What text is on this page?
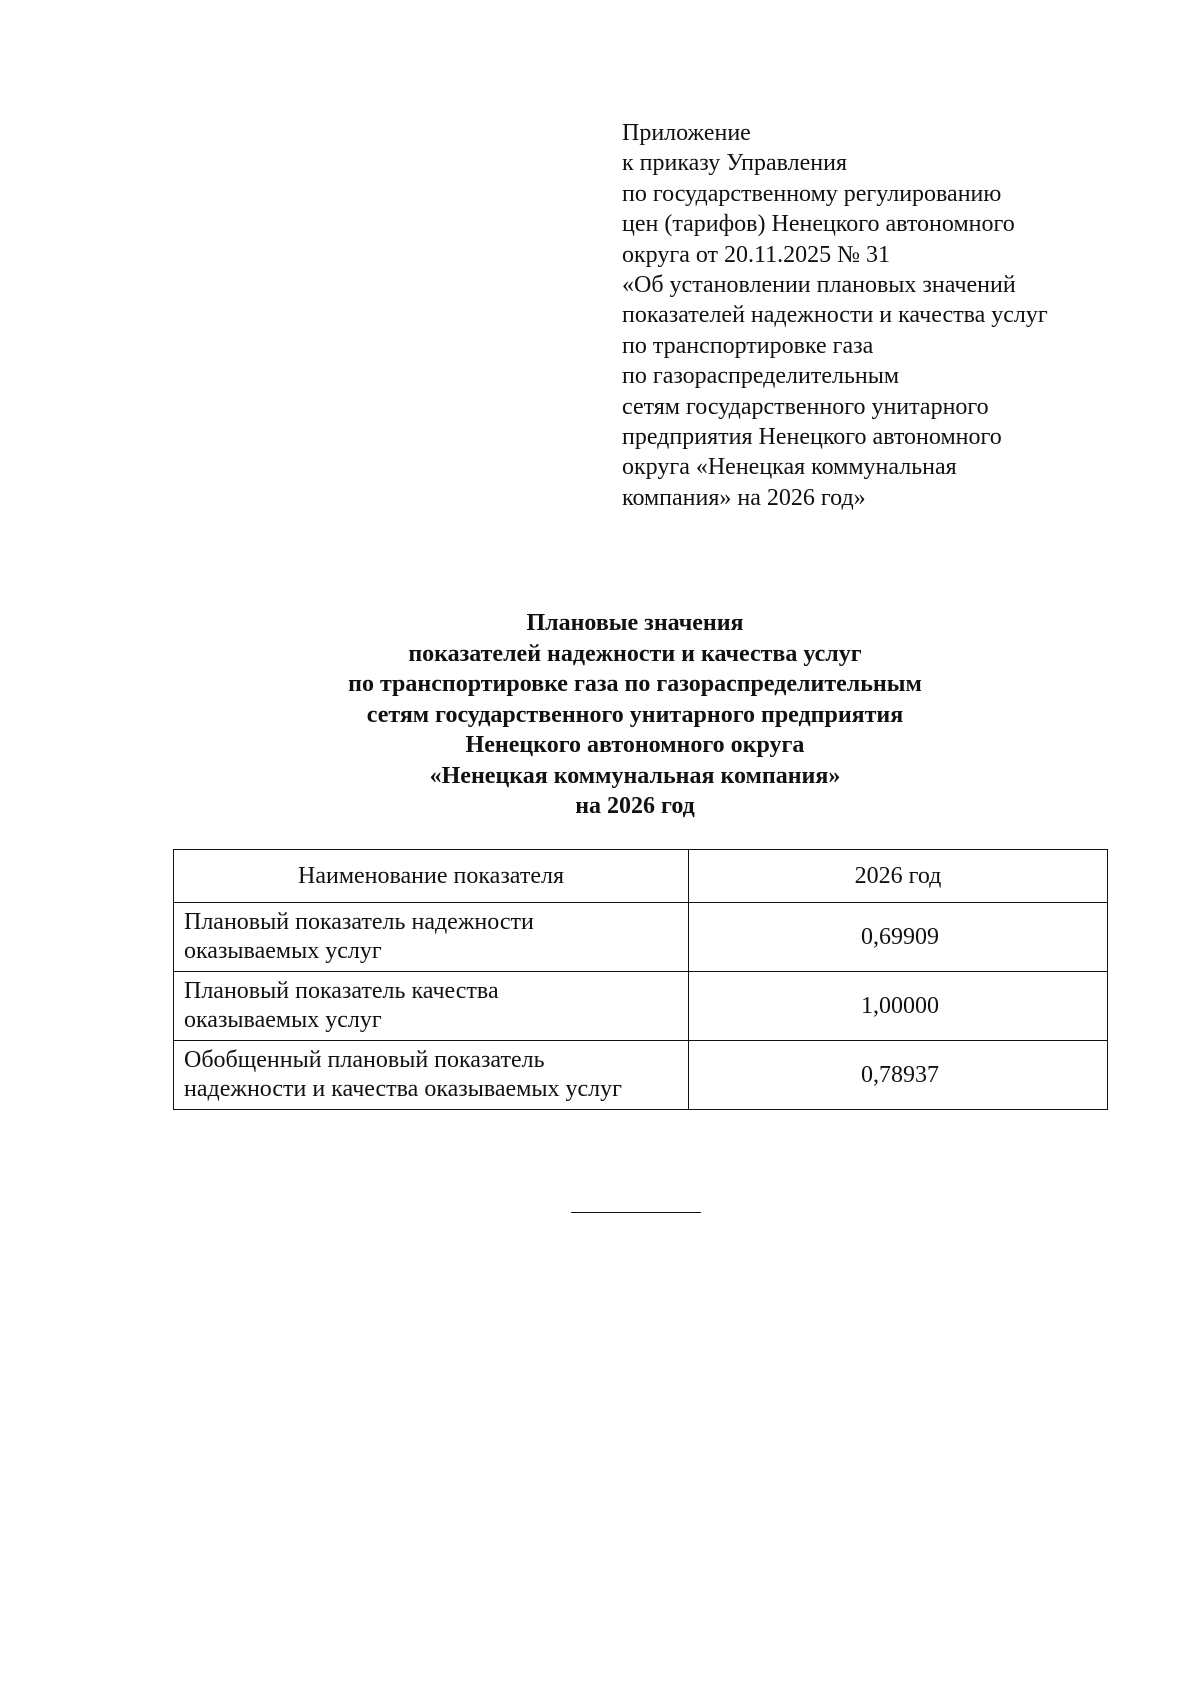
Приложение
к приказу Управления
по государственному регулированию
цен (тарифов) Ненецкого автономного
округа от 20.11.2025 № 31
«Об установлении плановых значений
показателей надежности и качества услуг
по транспортировке газа
по газораспределительным
сетям государственного унитарного
предприятия Ненецкого автономного
округа «Ненецкая коммунальная
компания» на 2026 год»
Плановые значения
показателей надежности и качества услуг
по транспортировке газа по газораспределительным
сетям государственного унитарного предприятия
Ненецкого автономного округа
«Ненецкая коммунальная компания»
на 2026 год
Наименование показателя	2026 год
Плановый показатель надежности
оказываемых услуг	0,69909
Плановый показатель качества
оказываемых услуг	1,00000
Обобщенный плановый показатель
надежности и качества оказываемых услуг	0,78937
